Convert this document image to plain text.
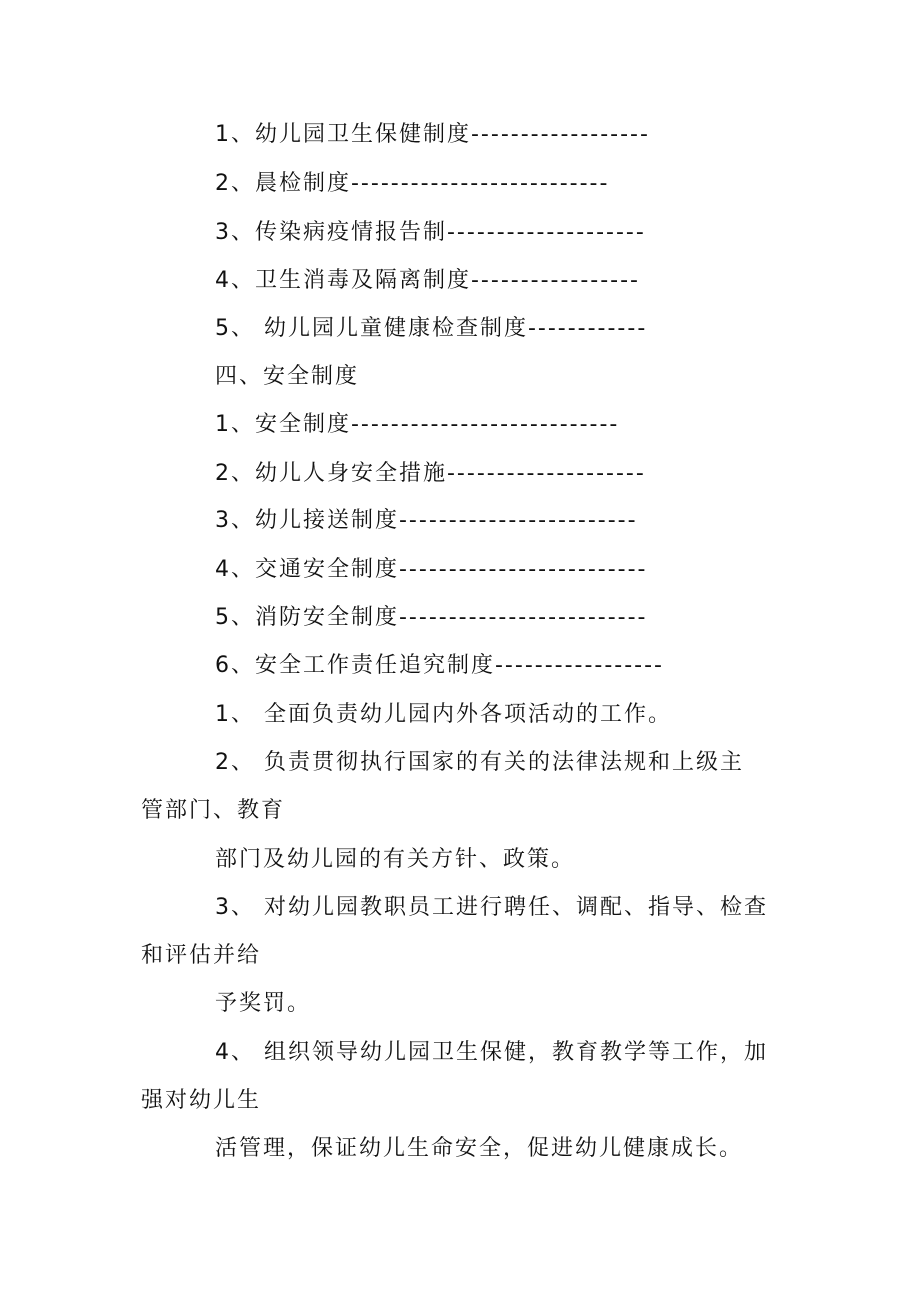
1、幼儿园卫生保健制度------------------
2、晨检制度--------------------------
3、传染病疫情报告制--------------------
4、卫生消毒及隔离制度-----------------
5、 幼儿园儿童健康检查制度------------
四、安全制度
1、安全制度---------------------------
2、幼儿人身安全措施--------------------
3、幼儿接送制度------------------------
4、交通安全制度-------------------------
5、消防安全制度-------------------------
6、安全工作责任追究制度-----------------
1、 全面负责幼儿园内外各项活动的工作。
2、 负责贯彻执行国家的有关的法律法规和上级主
管部门、教育
部门及幼儿园的有关方针、政策。
3、 对幼儿园教职员工进行聘任、调配、指导、检查
和评估并给
予奖罚。
4、 组织领导幼儿园卫生保健，教育教学等工作，加
强对幼儿生
活管理，保证幼儿生命安全，促进幼儿健康成长。
